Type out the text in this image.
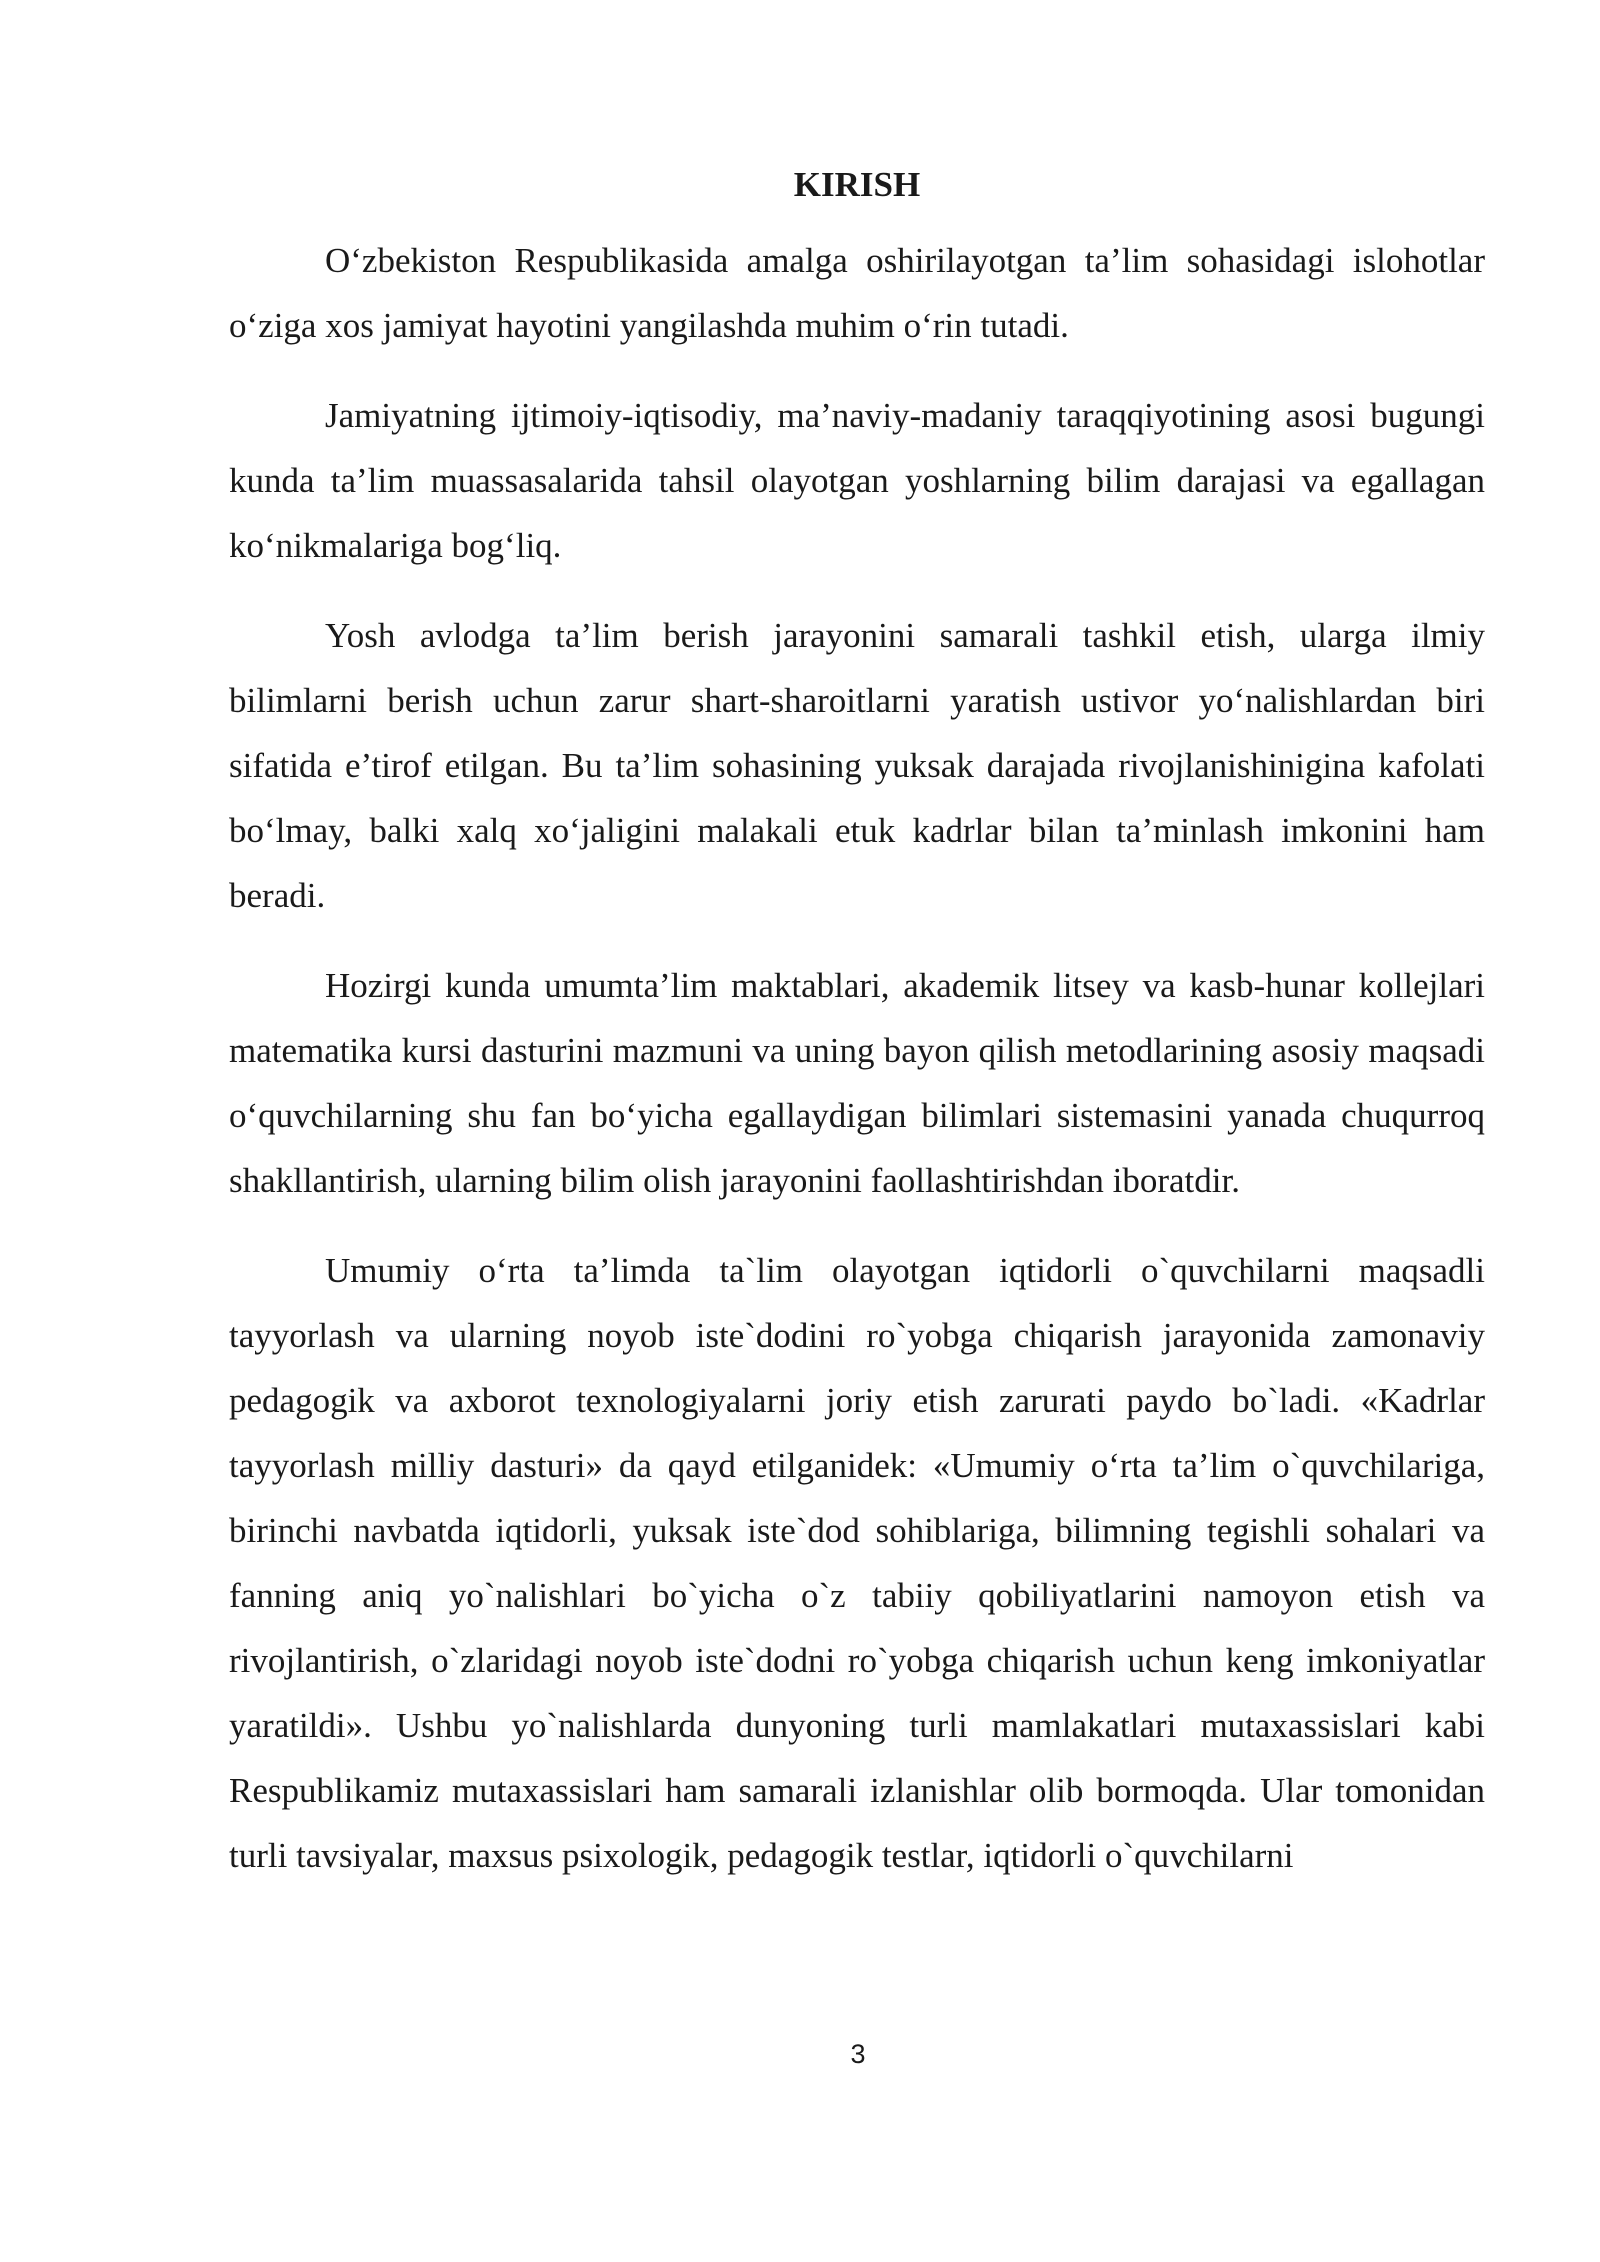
KIRISH

O‘zbekiston Respublikasida amalga oshirilayotgan ta’lim sohasidagi islohotlar o‘ziga xos jamiyat hayotini yangilashda muhim o‘rin tutadi.

Jamiyatning ijtimoiy-iqtisodiy, ma’naviy-madaniy taraqqiyotining asosi bugungi kunda ta’lim muassasalarida tahsil olayotgan yoshlarning bilim darajasi va egallagan ko‘nikmalariga bog‘liq.

Yosh avlodga ta’lim berish jarayonini samarali tashkil etish, ularga ilmiy bilimlarni berish uchun zarur shart-sharoitlarni yaratish ustivor yo‘nalishlardan biri sifatida e’tirof etilgan. Bu ta’lim sohasining yuksak darajada rivojlanishinigina kafolati bo‘lmay, balki xalq xo‘jaligini malakali etuk kadrlar bilan ta’minlash imkonini ham beradi.

Hozirgi kunda umumta’lim maktablari, akademik litsey va kasb-hunar kollejlari matematika kursi dasturini mazmuni va uning bayon qilish metodlarining asosiy maqsadi o‘quvchilarning shu fan bo‘yicha egallaydigan bilimlari sistemasini yanada chuqurroq shakllantirish, ularning bilim olish jarayonini faollashtirishdan iboratdir.

Umumiy o‘rta ta’limda ta`lim olayotgan iqtidorli o`quvchilarni maqsadli tayyorlash va ularning noyob iste`dodini ro`yobga chiqarish jarayonida zamonaviy pedagogik va axborot texnologiyalarni joriy etish zarurati paydo bo`ladi. «Kadrlar tayyorlash milliy dasturi» da qayd etilganidek: «Umumiy o‘rta ta’lim o`quvchilariga, birinchi navbatda iqtidorli, yuksak iste`dod sohiblariga, bilimning tegishli sohalari va fanning aniq yo`nalishlari bo`yicha o`z tabiiy qobiliyatlarini namoyon etish va rivojlantirish, o`zlaridagi noyob iste`dodni ro`yobga chiqarish uchun keng imkoniyatlar yaratildi». Ushbu yo`nalishlarda dunyoning turli mamlakatlari mutaxassislari kabi Respublikamiz mutaxassislari ham samarali izlanishlar olib bormoqda. Ular tomonidan turli tavsiyalar, maxsus psixologik, pedagogik testlar, iqtidorli o`quvchilarni

3
